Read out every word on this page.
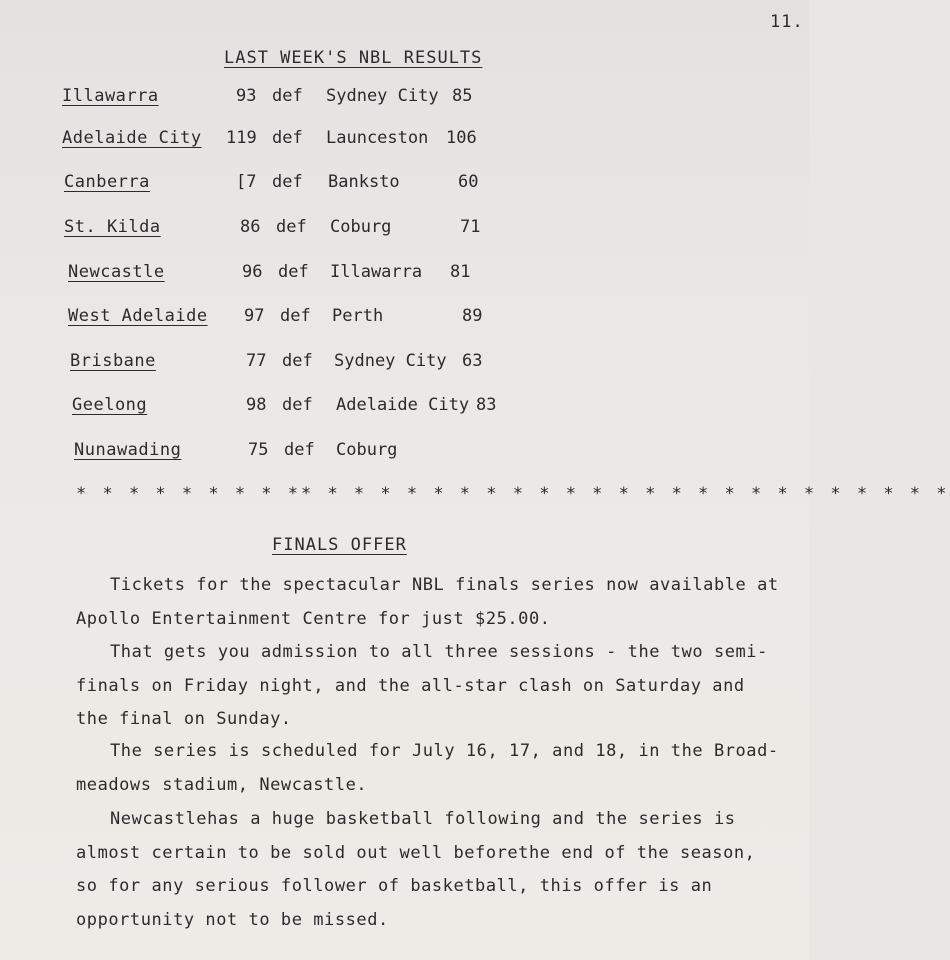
11.
LAST WEEK'S NBL RESULTS
Illawarra	93 def Sydney City 85
Adelaide City 119 def Launceston 106
Canberra	[7 def Banksto	60
St. Kilda	86 def Coburg	71
Newcastle	96 def Illawarra 81
West Adelaide 97 def Perth	89
Brisbane	77 def Sydney City 63
Geelong	98 def Adelaide City 83
Nunawading	75 def Coburg
* * * * * * * * ** * * * * * * * * * * * * * * * * * * * * * * * *
FINALS OFFER

Tickets for the spectacular NBL finals series now available at
Apollo Entertainment Centre for just $25.00.

That gets you admission to all three sessions - the two semi-
finals on Friday night, and the all-star clash on Saturday and
the final on Sunday.

The series is scheduled for July 16, 17, and 18, in the Broad-
meadows stadium, Newcastle.

Newcastlehas a huge basketball following and the series is
almost certain to be sold out well beforethe end of the season,
so for any serious follower of basketball, this offer is an
opportunity not to be missed.
